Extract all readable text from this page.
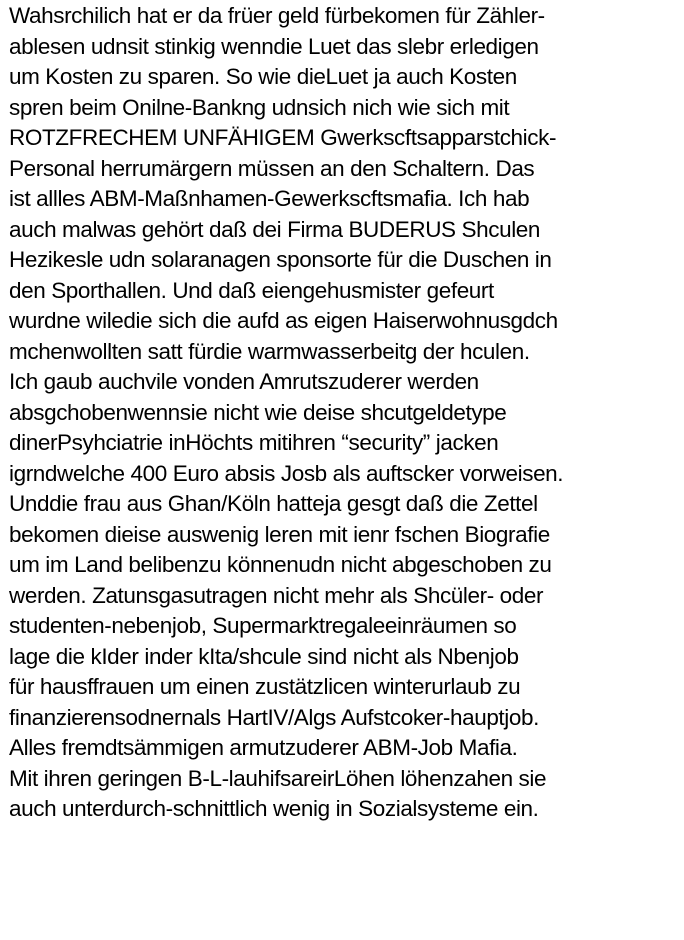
Wahsrchilich hat er da früer geld fürbekomen für Zähler-
ablesen udnsit stinkig wenndie Luet das slebr erledigen
um Kosten zu sparen. So wie dieLuet ja auch Kosten
spren beim Onilne-Bankng udnsich nich wie sich mit
ROTZFRECHEM UNFÄHIGEM Gwerkscftsapparstchick-
Personal herrumärgern müssen an den Schaltern. Das
ist allles ABM-Maßnhamen-Gewerkscftsmafia. Ich hab
auch malwas gehört daß dei Firma BUDERUS Shculen
Hezikesle udn solaranagen sponsorte für die Duschen in
den Sporthallen. Und daß eiengehusmister gefeurt
wurdne wiledie sich die aufd as eigen Haiserwohnusgdch
mchenwollten satt fürdie warmwasserbeitg der hculen.
Ich gaub auchvile vonden Amrutszuderer werden
absgchobenwennsie nicht wie deise shcutgeldetype
dinerPsyhciatrie inHöchts mitihren “security” jacken
igrndwelche 400 Euro absis Josb als auftscker vorweisen.
Unddie frau aus Ghan/Köln hatteja gesgt daß die Zettel
bekomen dieise auswenig leren mit ienr fschen Biografie
um im Land belibenzu könnenudn nicht abgeschoben zu
werden. Zatunsgasutragen nicht mehr als Shcüler- oder
studenten-nebenjob, Supermarktregaleeinräumen so
lage die kIder inder kIta/shcule sind nicht als Nbenjob
für hausffrauen um einen zustätzlicen winterurlaub zu
finanzierensodnernals HartIV/Algs Aufstcoker-hauptjob.
Alles fremdtsämmigen armutzuderer ABM-Job Mafia.
Mit ihren geringen B-L-lauhifsareirLöhen löhenzahen sie
auch unterdurch-schnittlich wenig in Sozialsysteme ein.
